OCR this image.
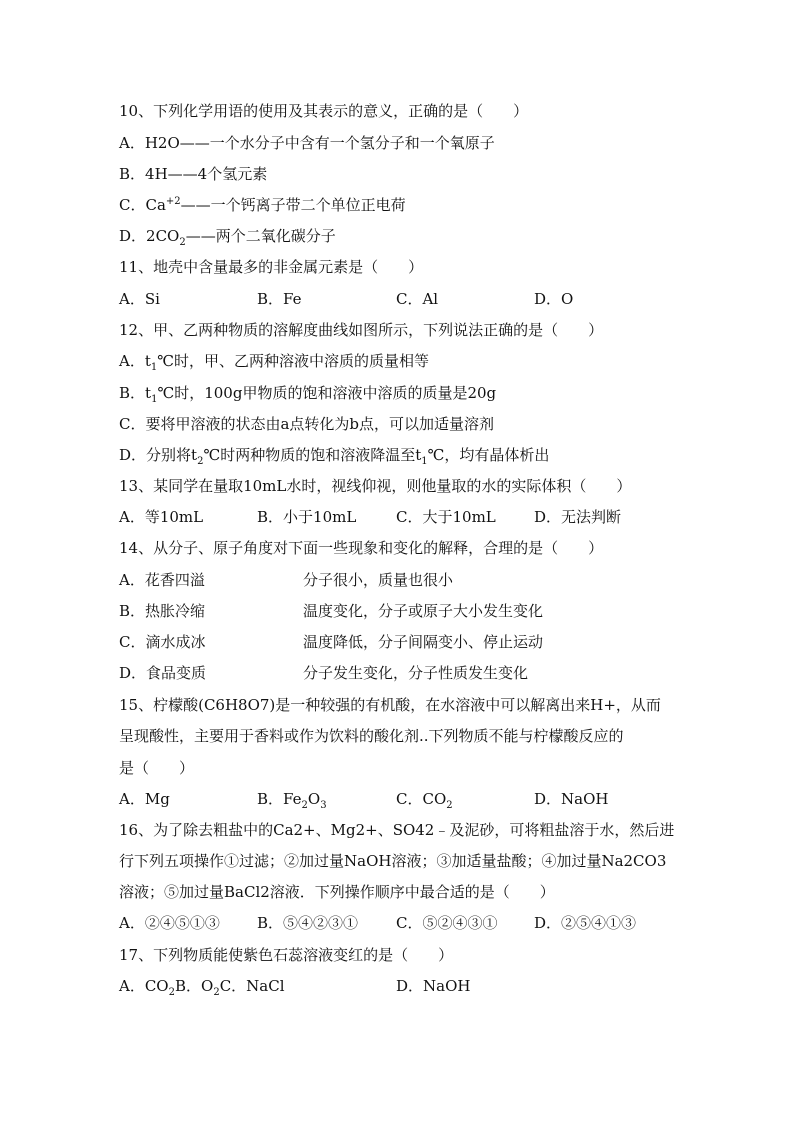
10、下列化学用语的使用及其表示的意义，正确的是（　　）
A．H2O——一个水分子中含有一个氢分子和一个氧原子
B．4H——4个氢元素
C．$Ca^{+2}——$一个钙离子带二个单位正电荷
D．$2CO_2——$两个二氧化碳分子
11、地壳中含量最多的非金属元素是（　　）
A．Si	B．Fe	C．Al	D．O
12、甲、乙两种物质的溶解度曲线如图所示，下列说法正确的是（　　）
A．$t_1℃$时，甲、乙两种溶液中溶质的质量相等
B．$t_1℃$时，100g甲物质的饱和溶液中溶质的质量是20g
C．要将甲溶液的状态由a点转化为b点，可以加适量溶剂
D．分别将$t_2℃$时两种物质的饱和溶液降温至$t_1℃$，均有晶体析出
13、某同学在量取10mL水时，视线仰视，则他量取的水的实际体积（　　）
A．等10mL	B．小于10mL	C．大于10mL	D．无法判断
14、从分子、原子角度对下面一些现象和变化的解释，合理的是（　　）
A．花香四溢	分子很小，质量也很小
B．热胀冷缩	温度变化，分子或原子大小发生变化
C．滴水成冰	温度降低，分子间隔变小、停止运动
D．食品变质	分子发生变化，分子性质发生变化
15、柠檬酸(C6H8O7)是一种较强的有机酸，在水溶液中可以解离出来H+，从而
呈现酸性，主要用于香料或作为饮料的酸化剂..下列物质不能与柠檬酸反应的
是（　　）
A．Mg	B．$Fe_2O_3$	C．$CO_2$	D．NaOH
16、为了除去粗盐中的Ca2+、Mg2+、SO42﹣及泥砂，可将粗盐溶于水，然后进
行下列五项操作①过滤；②加过量NaOH溶液；③加适量盐酸；④加过量Na2CO3
溶液；⑤加过量BaCl2溶液．下列操作顺序中最合适的是（　　）
A．②④⑤①③ B．⑤④②③①	C．⑤②④③① D．②⑤④①③
17、下列物质能使紫色石蕊溶液变红的是（　　）
A．$CO_2B$．$O_2C$．NaCl	D．NaOH
